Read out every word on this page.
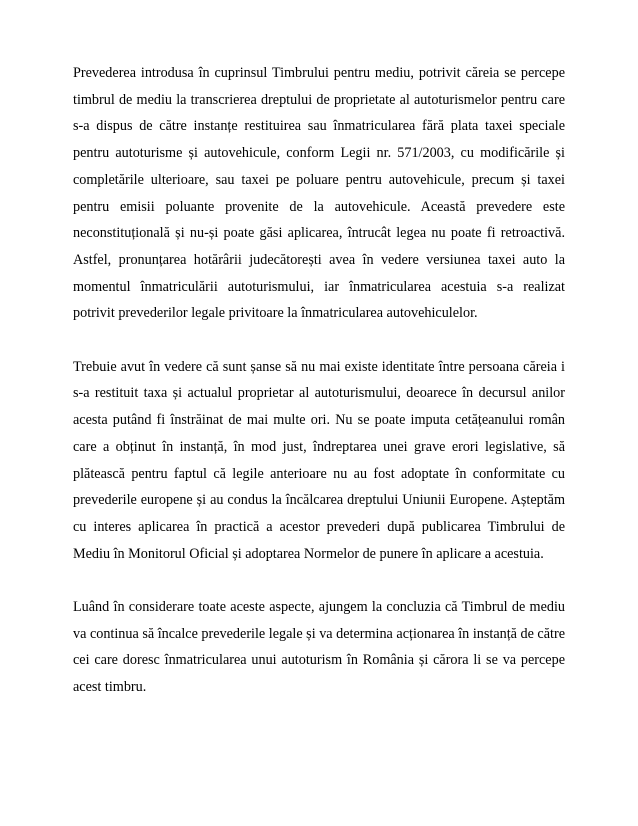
Prevederea introdusa în cuprinsul Timbrului pentru mediu, potrivit căreia se percepe timbrul de mediu la transcrierea dreptului de proprietate al autoturismelor pentru care s-a dispus de către instanțe restituirea sau înmatricularea fără plata taxei speciale pentru autoturisme și autovehicule, conform Legii nr. 571/2003, cu modificările și completările ulterioare, sau taxei pe poluare pentru autovehicule, precum și taxei pentru emisii poluante provenite de la autovehicule. Această prevedere este neconstituțională și nu-și poate găsi aplicarea, întrucât legea nu poate fi retroactivă. Astfel, pronunțarea hotărârii judecătorești avea în vedere versiunea taxei auto la momentul înmatriculării autoturismului, iar înmatricularea acestuia s-a realizat potrivit prevederilor legale privitoare la înmatricularea autovehiculelor.

Trebuie avut în vedere că sunt șanse să nu mai existe identitate între persoana căreia i s-a restituit taxa și actualul proprietar al autoturismului, deoarece în decursul anilor acesta putând fi înstrăinat de mai multe ori. Nu se poate imputa cetățeanului român care a obținut în instanță, în mod just, îndreptarea unei grave erori legislative, să plătească pentru faptul că legile anterioare nu au fost adoptate în conformitate cu prevederile europene și au condus la încălcarea dreptului Uniunii Europene. Așteptăm cu interes aplicarea în practică a acestor prevederi după publicarea Timbrului de Mediu în Monitorul Oficial și adoptarea Normelor de punere în aplicare a acestuia.

Luând în considerare toate aceste aspecte, ajungem la concluzia că Timbrul de mediu va continua să încalce prevederile legale și va determina acționarea în instanță de către cei care doresc înmatricularea unui autoturism în România și cărora li se va percepe acest timbru.
